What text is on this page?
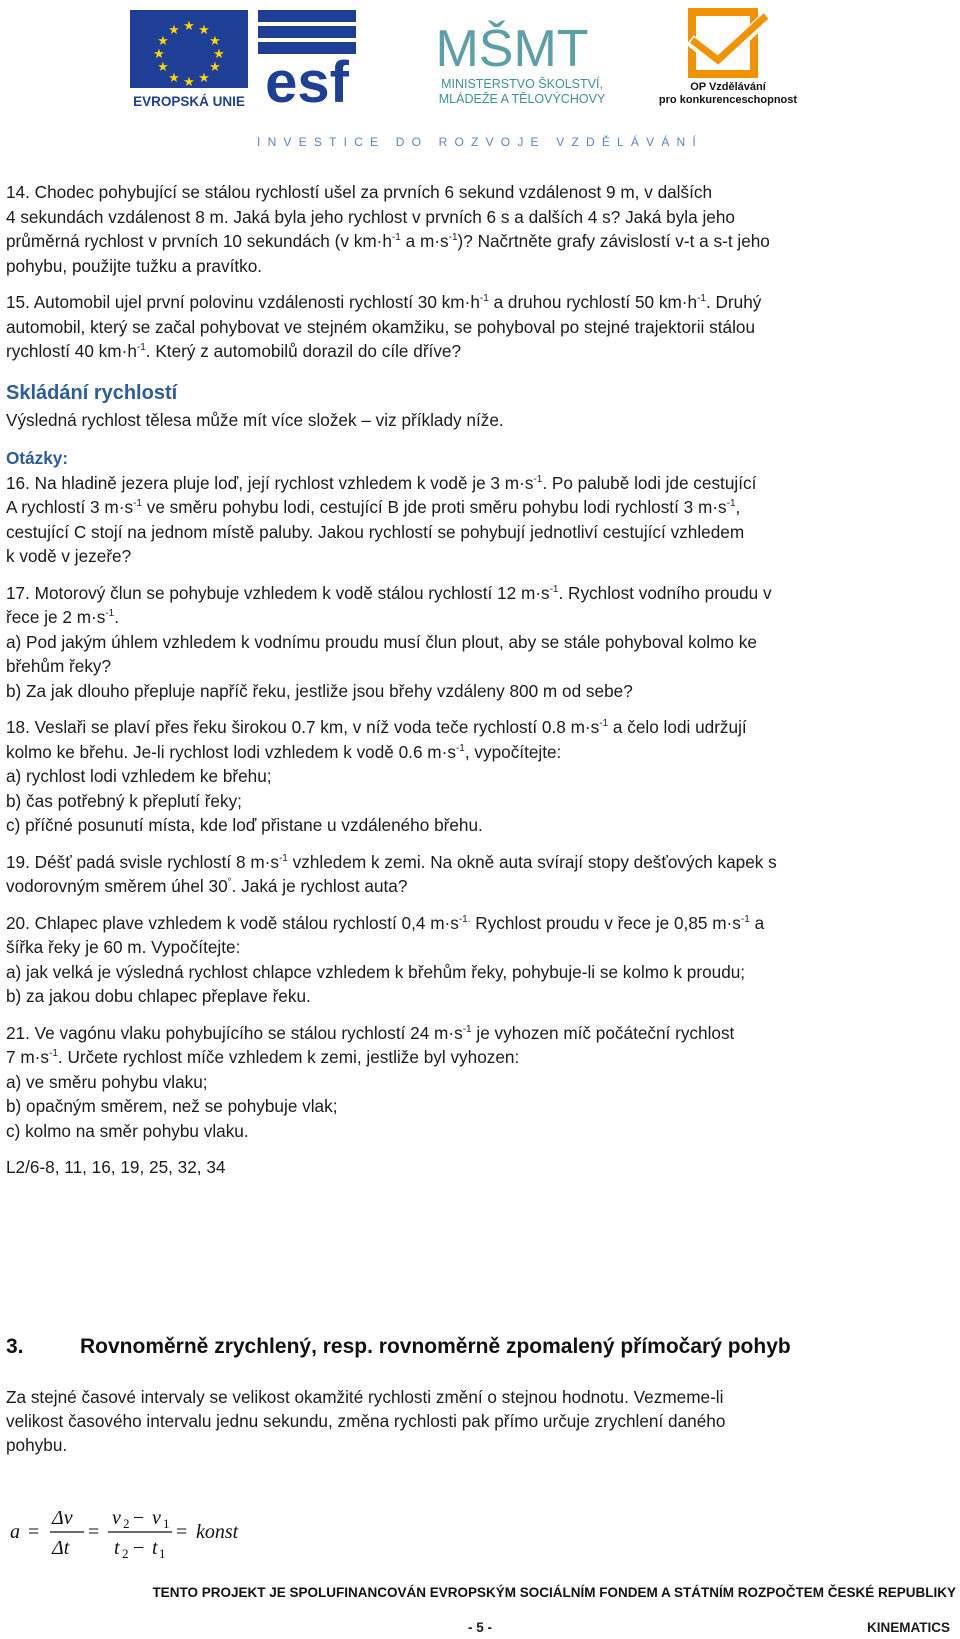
★ ★
★
★
★
★
★
★
★
★
★
★
EVROPSKÁ UNIE esf
MŠMT
MINISTERSTVO ŠKOLSTVÍ,
MLÁDEŽE A TĚLOVÝCHOVY
OP Vzdělávání
pro konkurenceschopnost
INVESTICE DO ROZVOJE VZDĚLÁVÁNÍ

14. Chodec pohybující se stálou rychlostí ušel za prvních 6 sekund vzdálenost 9 m, v dalších
4 sekundách vzdálenost 8 m. Jaká byla jeho rychlost v prvních 6 s a dalších 4 s? Jaká byla jeho
průměrná rychlost v prvních 10 sekundách (v $km\cdot h^{-1}$ a $m\cdot s^{-1}$)? Načrtněte grafy závislostí v-t a s-t jeho
pohybu, použijte tužku a pravítko.

15. Automobil ujel první polovinu vzdálenosti rychlostí 30 $km\cdot h^{-1}$ a druhou rychlostí 50 $km\cdot h^{-1}$. Druhý
automobil, který se začal pohybovat ve stejném okamžiku, se pohyboval po stejné trajektorii stálou
rychlostí 40 $km\cdot h^{-1}$. Který z automobilů dorazil do cíle dříve?

Skládání rychlostí
Výsledná rychlost tělesa může mít více složek – viz příklady níže.
Otázky:

16. Na hladině jezera pluje loď, její rychlost vzhledem k vodě je 3 $m\cdot s^{-1}$. Po palubě lodi jde cestující
A rychlostí 3 $m\cdot s^{-1}$ ve směru pohybu lodi, cestující B jde proti směru pohybu lodi rychlostí 3 $m\cdot s^{-1}$,
cestující C stojí na jednom místě paluby. Jakou rychlostí se pohybují jednotliví cestující vzhledem
k vodě v jezeře?

17. Motorový člun se pohybuje vzhledem k vodě stálou rychlostí 12 $m\cdot s^{-1}$. Rychlost vodního proudu v
řece je 2 $m\cdot s^{-1}$.
a) Pod jakým úhlem vzhledem k vodnímu proudu musí člun plout, aby se stále pohyboval kolmo ke
břehům řeky?
b) Za jak dlouho přepluje napříč řeku, jestliže jsou břehy vzdáleny 800 m od sebe?

18. Veslaři se plaví přes řeku širokou 0.7 km, v níž voda teče rychlostí 0.8 $m\cdot s^{-1}$ a čelo lodi udržují
kolmo ke břehu. Je-li rychlost lodi vzhledem k vodě 0.6 $m\cdot s^{-1}$, vypočítejte:
a) rychlost lodi vzhledem ke břehu;
b) čas potřebný k přeplutí řeky;
c) příčné posunutí místa, kde loď přistane u vzdáleného břehu.

19. Déšť padá svisle rychlostí 8 $m\cdot s^{-1}$ vzhledem k zemi. Na okně auta svírají stopy dešťových kapek s
vodorovným směrem úhel 30°. Jaká je rychlost auta?

20. Chlapec plave vzhledem k vodě stálou rychlostí 0,4 $m\cdot s^{-1.}$ Rychlost proudu v řece je 0,85 $m\cdot s^{-1}$ a
šířka řeky je 60 m. Vypočítejte:
a) jak velká je výsledná rychlost chlapce vzhledem k břehům řeky, pohybuje-li se kolmo k proudu;
b) za jakou dobu chlapec přeplave řeku.

21. Ve vagónu vlaku pohybujícího se stálou rychlostí 24 $m\cdot s^{-1}$ je vyhozen míč počáteční rychlost
7 $m\cdot s^{-1}$. Určete rychlost míče vzhledem k zemi, jestliže byl vyhozen:
a) ve směru pohybu vlaku;
b) opačným směrem, než se pohybuje vlak;
c) kolmo na směr pohybu vlaku.

L2/6-8, 11, 16, 19, 25, 32, 34

3.	Rovnoměrně zrychlený, resp. rovnoměrně zpomalený přímočarý pohyb
Za stejné časové intervaly se velikost okamžité rychlosti změní o stejnou hodnotu. Vezmeme-li
velikost časového intervalu jednu sekundu, změna rychlosti pak přímo určuje zrychlení daného
pohybu.
a =
Δv
Δt
=
v 2 − v 1
t 2 − t 1
= konst
TENTO PROJEKT JE SPOLUFINANCOVÁN EVROPSKÝM SOCIÁLNÍM FONDEM A STÁTNÍM ROZPOČTEM ČESKÉ REPUBLIKY
- 5 -	KINEMATICS
